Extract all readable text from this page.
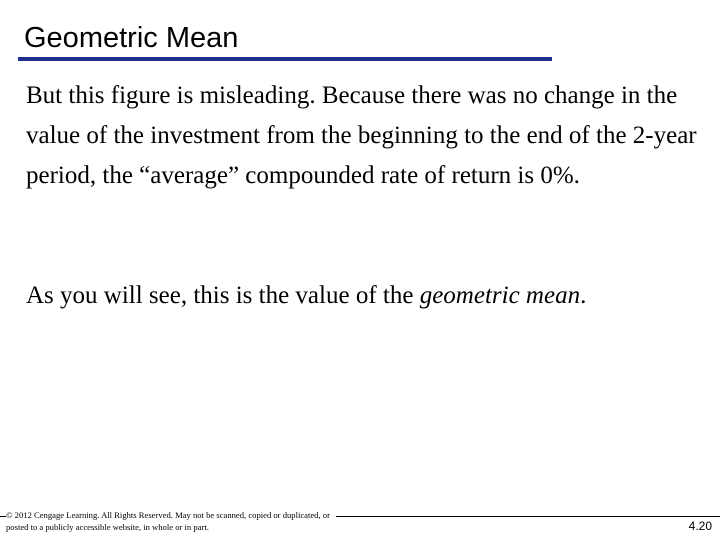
Geometric Mean

But this figure is misleading. Because there was no change in the value of the investment from the beginning to the end of the 2-year period, the “average” compounded rate of return is 0%.

As you will see, this is the value of the geometric mean.

© 2012 Cengage Learning. All Rights Reserved. May not be scanned, copied or duplicated, or posted to a publicly accessible website, in whole or in part.	4.20
